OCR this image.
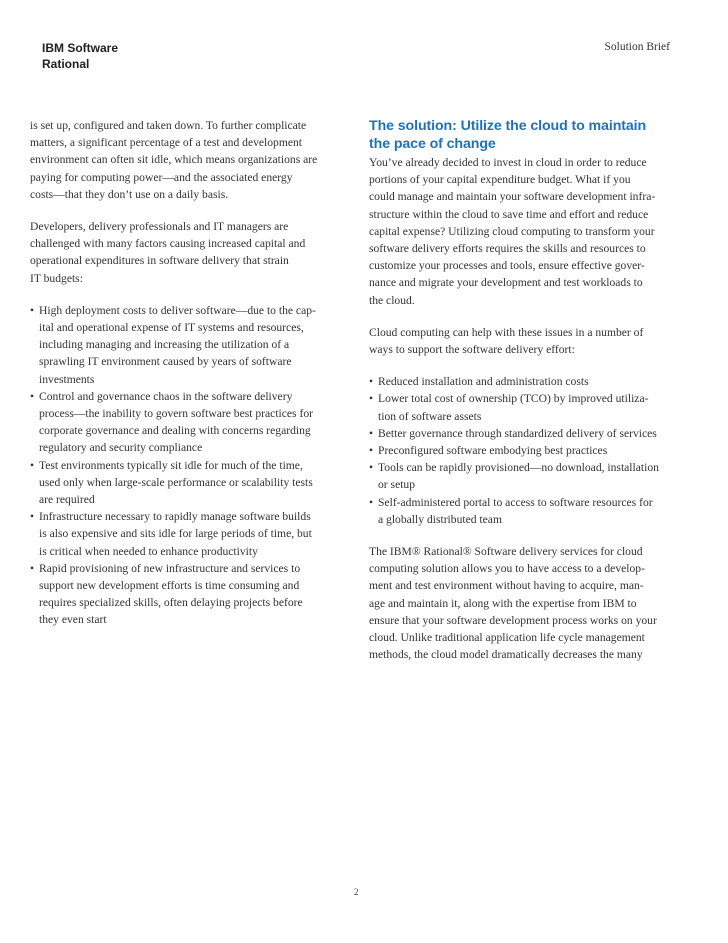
IBM Software
Rational
Solution Brief

is set up, configured and taken down. To further complicate
matters, a significant percentage of a test and development
environment can often sit idle, which means organizations are
paying for computing power—and the associated energy
costs—that they don’t use on a daily basis.

Developers, delivery professionals and IT managers are
challenged with many factors causing increased capital and
operational expenditures in software delivery that strain
IT budgets:

• High deployment costs to deliver software—due to the cap-
ital and operational expense of IT systems and resources,
including managing and increasing the utilization of a
sprawling IT environment caused by years of software
investments
• Control and governance chaos in the software delivery
process—the inability to govern software best practices for
corporate governance and dealing with concerns regarding
regulatory and security compliance
• Test environments typically sit idle for much of the time,
used only when large-scale performance or scalability tests
are required
• Infrastructure necessary to rapidly manage software builds
is also expensive and sits idle for large periods of time, but
is critical when needed to enhance productivity
• Rapid provisioning of new infrastructure and services to
support new development efforts is time consuming and
requires specialized skills, often delaying projects before
they even start
The solution: Utilize the cloud to maintain
the pace of change

You’ve already decided to invest in cloud in order to reduce
portions of your capital expenditure budget. What if you
could manage and maintain your software development infra-
structure within the cloud to save time and effort and reduce
capital expense? Utilizing cloud computing to transform your
software delivery efforts requires the skills and resources to
customize your processes and tools, ensure effective gover-
nance and migrate your development and test workloads to
the cloud.

Cloud computing can help with these issues in a number of
ways to support the software delivery effort:

• Reduced installation and administration costs
• Lower total cost of ownership (TCO) by improved utiliza-
tion of software assets
• Better governance through standardized delivery of services
• Preconfigured software embodying best practices
• Tools can be rapidly provisioned—no download, installation
or setup
• Self-administered portal to access to software resources for
a globally distributed team

The IBM® Rational® Software delivery services for cloud
computing solution allows you to have access to a develop-
ment and test environment without having to acquire, man-
age and maintain it, along with the expertise from IBM to
ensure that your software development process works on your
cloud. Unlike traditional application life cycle management
methods, the cloud model dramatically decreases the many

2
